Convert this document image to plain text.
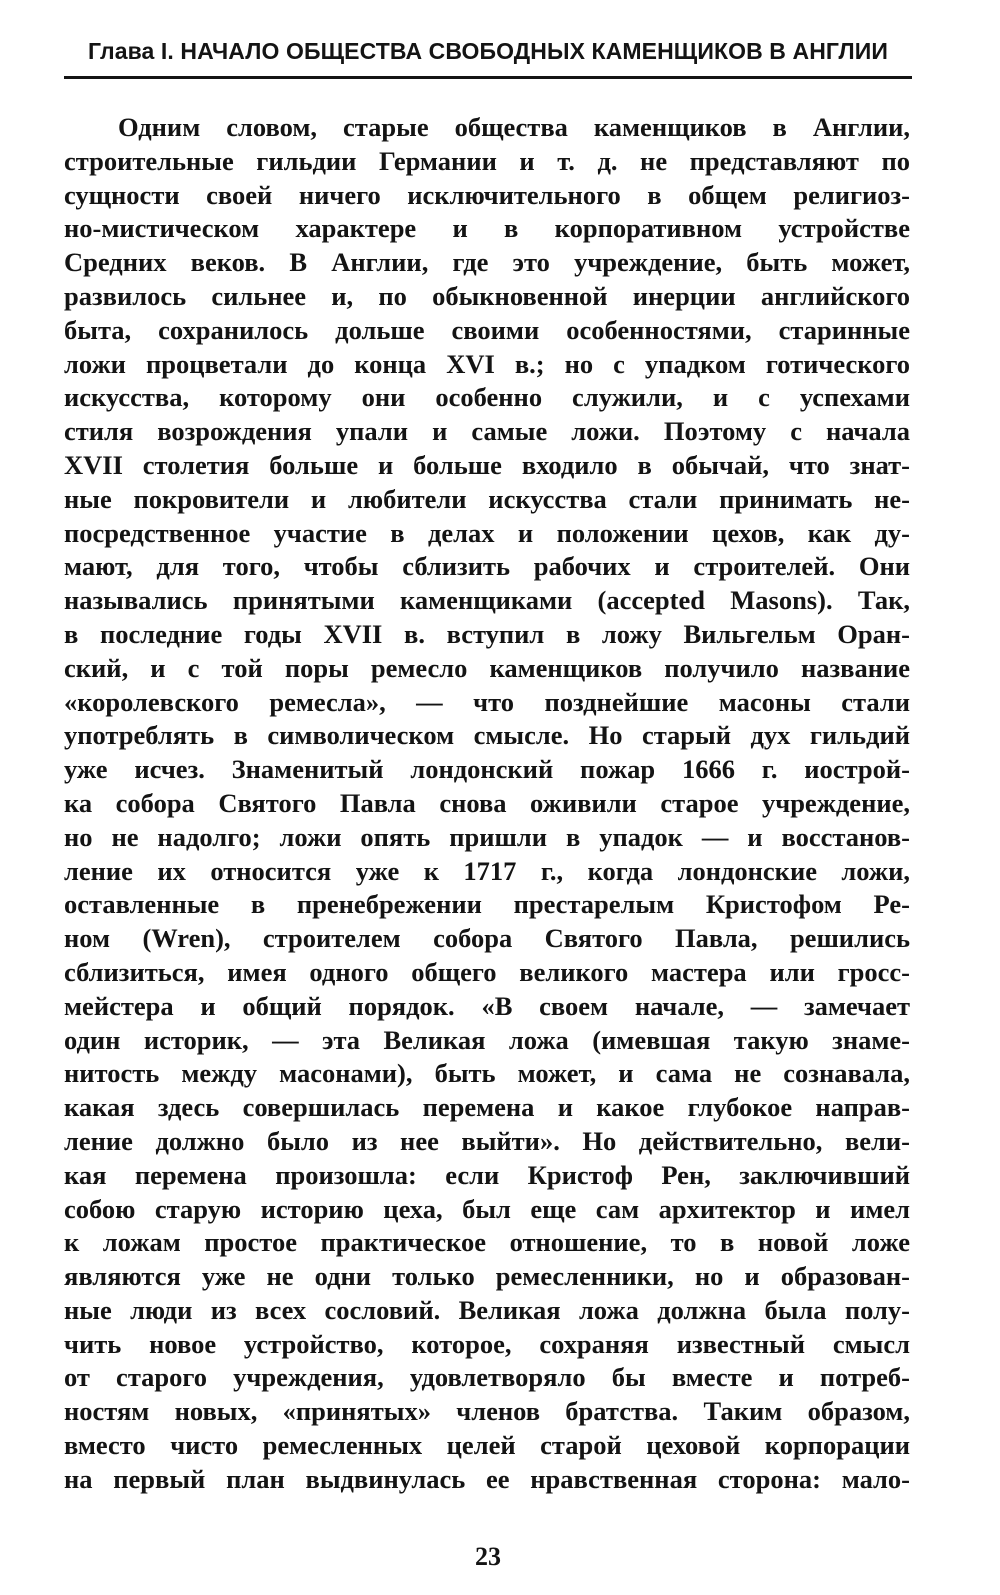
Глава I. НАЧАЛО ОБЩЕСТВА СВОБОДНЫХ КАМЕНЩИКОВ В АНГЛИИ
Одним словом, старые общества каменщиков в Англии,
строительные гильдии Германии и т. д. не представляют по
сущности своей ничего исключительного в общем религиоз-
но-мистическом характере и в корпоративном устройстве
Средних веков. В Англии, где это учреждение, быть может,
развилось сильнее и, по обыкновенной инерции английского
быта, сохранилось дольше своими особенностями, старинные
ложи процветали до конца XVI в.; но с упадком готического
искусства, которому они особенно служили, и с успехами
стиля возрождения упали и самые ложи. Поэтому с начала
XVII столетия больше и больше входило в обычай, что знат-
ные покровители и любители искусства стали принимать не-
посредственное участие в делах и положении цехов, как ду-
мают, для того, чтобы сблизить рабочих и строителей. Они
назывались принятыми каменщиками (accepted Masons). Так,
в последние годы XVII в. вступил в ложу Вильгельм Оран-
ский, и с той поры ремесло каменщиков получило название
«королевского ремесла», — что позднейшие масоны стали
употреблять в символическом смысле. Но старый дух гильдий
уже исчез. Знаменитый лондонский пожар 1666 г. иострой-
ка собора Святого Павла снова оживили старое учреждение,
но не надолго; ложи опять пришли в упадок — и восстанов-
ление их относится уже к 1717 г., когда лондонские ложи,
оставленные в пренебрежении престарелым Кристофом Ре-
ном (Wren), строителем собора Святого Павла, решились
сблизиться, имея одного общего великого мастера или гросс-
мейстера и общий порядок. «В своем начале, — замечает
один историк, — эта Великая ложа (имевшая такую знаме-
нитость между масонами), быть может, и сама не сознавала,
какая здесь совершилась перемена и какое глубокое направ-
ление должно было из нее выйти». Но действительно, вели-
кая перемена произошла: если Кристоф Рен, заключивший
собою старую историю цеха, был еще сам архитектор и имел
к ложам простое практическое отношение, то в новой ложе
являются уже не одни только ремесленники, но и образован-
ные люди из всех сословий. Великая ложа должна была полу-
чить новое устройство, которое, сохраняя известный смысл
от старого учреждения, удовлетворяло бы вместе и потреб-
ностям новых, «принятых» членов братства. Таким образом,
вместо чисто ремесленных целей старой цеховой корпорации
на первый план выдвинулась ее нравственная сторона: мало-
23
